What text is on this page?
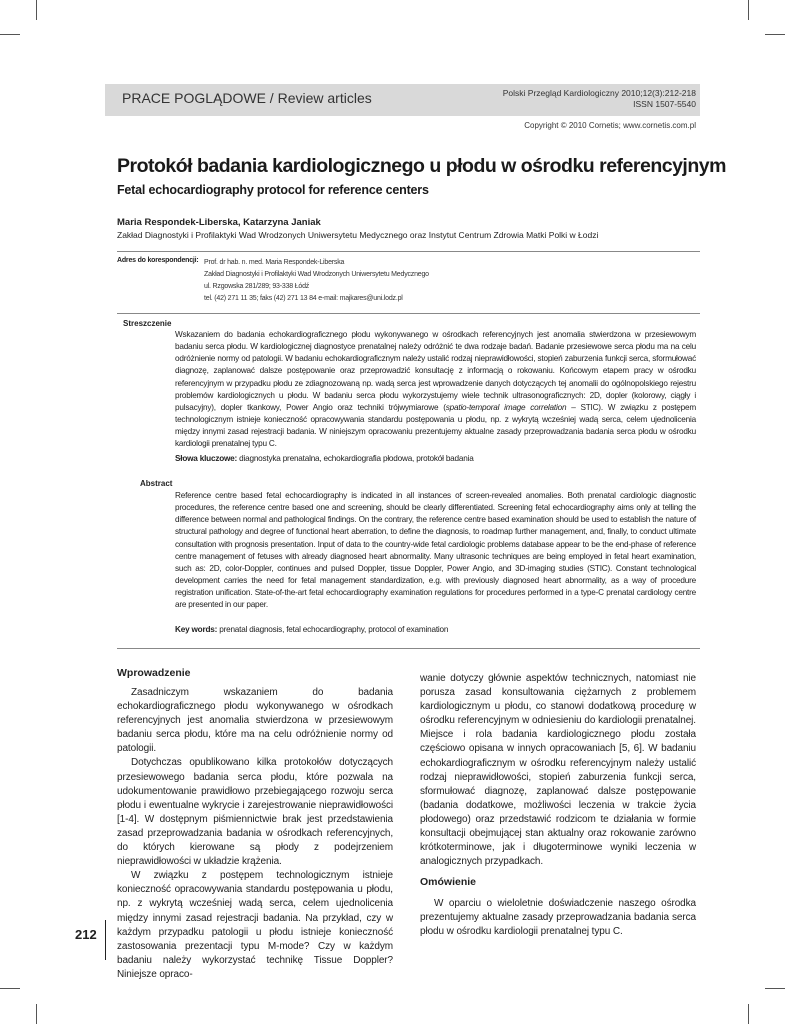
PRACE POGLĄDOWE / Review articles	Polski Przegląd Kardiologiczny 2010;12(3):212-218
ISSN 1507-5540
Copyright © 2010 Cornetis; www.cornetis.com.pl
Protokół badania kardiologicznego u płodu w ośrodku referencyjnym
Fetal echocardiography protocol for reference centers
Maria Respondek-Liberska, Katarzyna Janiak
Zakład Diagnostyki i Profilaktyki Wad Wrodzonych Uniwersytetu Medycznego oraz Instytut Centrum Zdrowia Matki Polki w Łodzi
Adres do korespondencji: Prof. dr hab. n. med. Maria Respondek-Liberska
Zakład Diagnostyki i Profilaktyki Wad Wrodzonych Uniwersytetu Medycznego
ul. Rzgowska 281/289; 93-338 Łódź
tel. (42) 271 11 35; faks (42) 271 13 84 e-mail: majkares@uni.lodz.pl
Streszczenie
Wskazaniem do badania echokardiograficznego płodu wykonywanego w ośrodkach referencyjnych jest anomalia stwierdzona w przesiewowym badaniu serca płodu. W kardiologicznej diagnostyce prenatalnej należy odróżnić te dwa rodzaje badań. Badanie przesiewowe serca płodu ma na celu odróżnienie normy od patologii. W badaniu echokardiograficznym należy ustalić rodzaj nieprawidłowości, stopień zaburzenia funkcji serca, sformułować diagnozę, zaplanować dalsze postępowanie oraz przeprowadzić konsultację z informacją o rokowaniu. Końcowym etapem pracy w ośrodku referencyjnym w przypadku płodu ze zdiagnozowaną np. wadą serca jest wprowadzenie danych dotyczących tej anomalii do ogólnopolskiego rejestru problemów kardiologicznych u płodu. W badaniu serca płodu wykorzystujemy wiele technik ultrasonograficznych: 2D, dopler (kolorowy, ciągły i pulsacyjny), dopler tkankowy, Power Angio oraz techniki trójwymiarowe (spatio-temporal image correlation – STIC). W związku z postępem technologicznym istnieje konieczność opracowywania standardu postępowania u płodu, np. z wykrytą wcześniej wadą serca, celem ujednolicenia między innymi zasad rejestracji badania. W niniejszym opracowaniu prezentujemy aktualne zasady przeprowadzania badania serca płodu w ośrodku kardiologii prenatalnej typu C.
Słowa kluczowe: diagnostyka prenatalna, echokardiografia płodowa, protokół badania
Abstract
Reference centre based fetal echocardiography is indicated in all instances of screen-revealed anomalies. Both prenatal cardiologic diagnostic procedures, the reference centre based one and screening, should be clearly differentiated. Screening fetal echocardiography aims only at telling the difference between normal and pathological findings. On the contrary, the reference centre based examination should be used to establish the nature of structural pathology and degree of functional heart aberration, to define the diagnosis, to roadmap further management, and, finally, to conduct ultimate consultation with prognosis presentation. Input of data to the country-wide fetal cardiologic problems database appear to be the end-phase of reference centre management of fetuses with already diagnosed heart abnormality. Many ultrasonic techniques are being employed in fetal heart examination, such as: 2D, color-Doppler, continues and pulsed Doppler, tissue Doppler, Power Angio, and 3D-imaging studies (STIC). Constant technological development carries the need for fetal management standardization, e.g. with previously diagnosed heart abnormality, as a way of procedure registration unification. State-of-the-art fetal echocardiography examination regulations for procedures performed in a type-C prenatal cardiology centre are presented in our paper.
Key words: prenatal diagnosis, fetal echocardiography, protocol of examination
Wprowadzenie

Zasadniczym wskazaniem do badania echokardiograficznego płodu wykonywanego w ośrodkach referencyjnych jest anomalia stwierdzona w przesiewowym badaniu serca płodu, które ma na celu odróżnienie normy od patologii.

Dotychczas opublikowano kilka protokołów dotyczących przesiewowego badania serca płodu, które pozwala na udokumentowanie prawidłowo przebiegającego rozwoju serca płodu i ewentualne wykrycie i zarejestrowanie nieprawidłowości [1-4]. W dostępnym piśmiennictwie brak jest przedstawienia zasad przeprowadzania badania w ośrodkach referencyjnych, do których kierowane są płody z podejrzeniem nieprawidłowości w układzie krążenia.

W związku z postępem technologicznym istnieje konieczność opracowywania standardu postępowania u płodu, np. z wykrytą wcześniej wadą serca, celem ujednolicenia między innymi zasad rejestracji badania. Na przykład, czy w każdym przypadku patologii u płodu istnieje konieczność zastosowania prezentacji typu M-mode? Czy w każdym badaniu należy wykorzystać technikę Tissue Doppler? Niniejsze opraco-

wanie dotyczy głównie aspektów technicznych, natomiast nie porusza zasad konsultowania ciężarnych z problemem kardiologicznym u płodu, co stanowi dodatkową procedurę w ośrodku referencyjnym w odniesieniu do kardiologii prenatalnej. Miejsce i rola badania kardiologicznego płodu została częściowo opisana w innych opracowaniach [5, 6]. W badaniu echokardiograficznym w ośrodku referencyjnym należy ustalić rodzaj nieprawidłowości, stopień zaburzenia funkcji serca, sformułować diagnozę, zaplanować dalsze postępowanie (badania dodatkowe, możliwości leczenia w trakcie życia płodowego) oraz przedstawić rodzicom te działania w formie konsultacji obejmującej stan aktualny oraz rokowanie zarówno krótkoterminowe, jak i długoterminowe wyniki leczenia w analogicznych przypadkach.

Omówienie

W oparciu o wieloletnie doświadczenie naszego ośrodka prezentujemy aktualne zasady przeprowadzania badania serca płodu w ośrodku kardiologii prenatalnej typu C.

212
